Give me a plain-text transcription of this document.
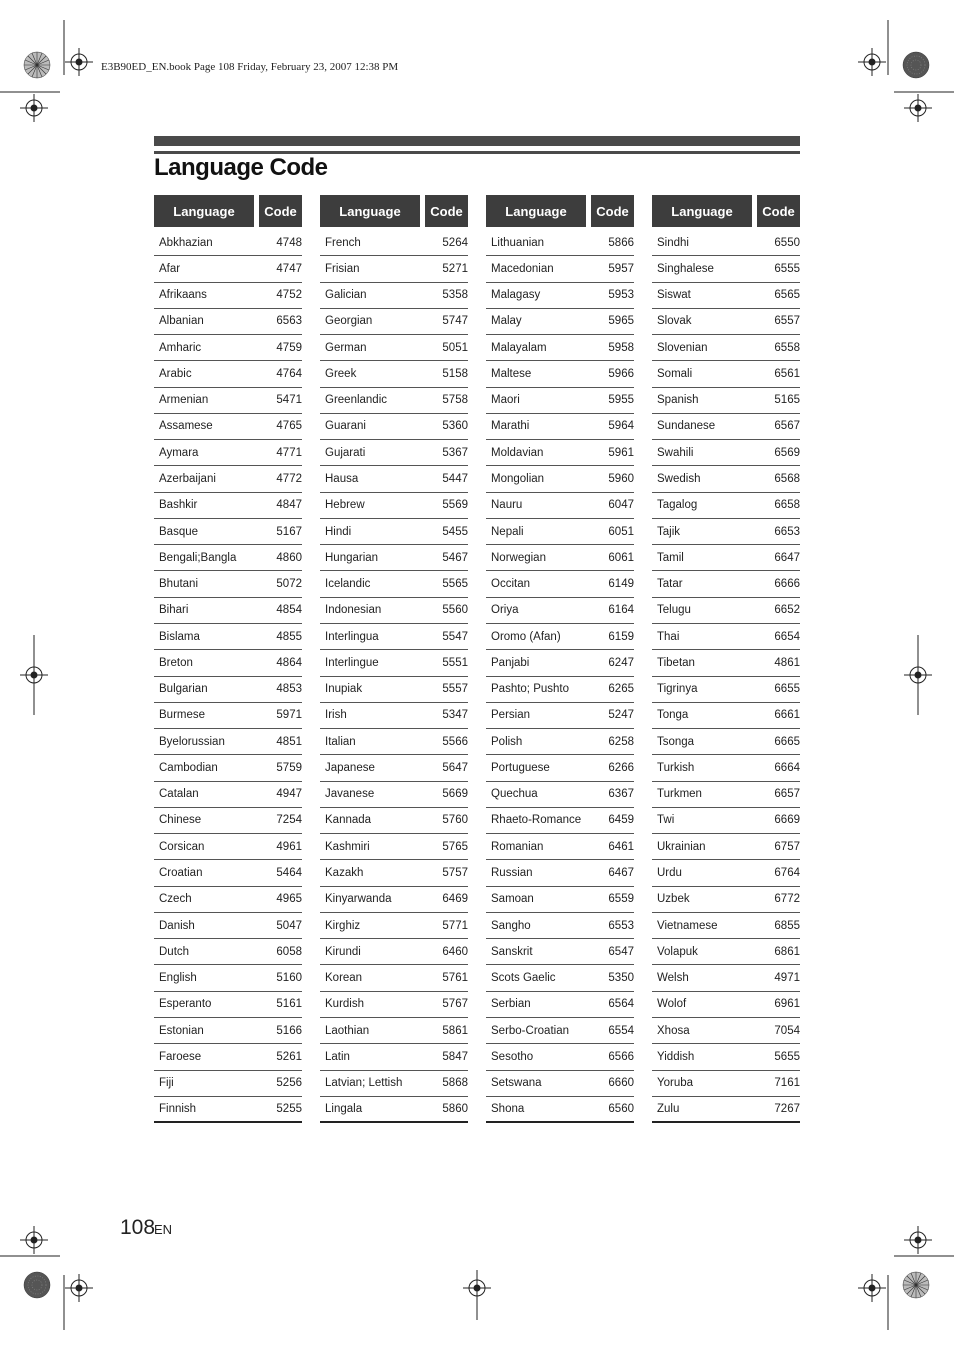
E3B90ED_EN.book Page 108 Friday, February 23, 2007 12:38 PM
Language Code
Language	Code
Abkhazian	4748
Afar	4747
Afrikaans	4752
Albanian	6563
Amharic	4759
Arabic	4764
Armenian	5471
Assamese	4765
Aymara	4771
Azerbaijani	4772
Bashkir	4847
Basque	5167
Bengali;Bangla	4860
Bhutani	5072
Bihari	4854
Bislama	4855
Breton	4864
Bulgarian	4853
Burmese	5971
Byelorussian	4851
Cambodian	5759
Catalan	4947
Chinese	7254
Corsican	4961
Croatian	5464
Czech	4965
Danish	5047
Dutch	6058
English	5160
Esperanto	5161
Estonian	5166
Faroese	5261
Fiji	5256
Finnish	5255
Language	Code
French	5264
Frisian	5271
Galician	5358
Georgian	5747
German	5051
Greek	5158
Greenlandic	5758
Guarani	5360
Gujarati	5367
Hausa	5447
Hebrew	5569
Hindi	5455
Hungarian	5467
Icelandic	5565
Indonesian	5560
Interlingua	5547
Interlingue	5551
Inupiak	5557
Irish	5347
Italian	5566
Japanese	5647
Javanese	5669
Kannada	5760
Kashmiri	5765
Kazakh	5757
Kinyarwanda	6469
Kirghiz	5771
Kirundi	6460
Korean	5761
Kurdish	5767
Laothian	5861
Latin	5847
Latvian; Lettish	5868
Lingala	5860
Language	Code
Lithuanian	5866
Macedonian	5957
Malagasy	5953
Malay	5965
Malayalam	5958
Maltese	5966
Maori	5955
Marathi	5964
Moldavian	5961
Mongolian	5960
Nauru	6047
Nepali	6051
Norwegian	6061
Occitan	6149
Oriya	6164
Oromo (Afan)	6159
Panjabi	6247
Pashto; Pushto	6265
Persian	5247
Polish	6258
Portuguese	6266
Quechua	6367
Rhaeto-Romance	6459
Romanian	6461
Russian	6467
Samoan	6559
Sangho	6553
Sanskrit	6547
Scots Gaelic	5350
Serbian	6564
Serbo-Croatian	6554
Sesotho	6566
Setswana	6660
Shona	6560
Language	Code
Sindhi	6550
Singhalese	6555
Siswat	6565
Slovak	6557
Slovenian	6558
Somali	6561
Spanish	5165
Sundanese	6567
Swahili	6569
Swedish	6568
Tagalog	6658
Tajik	6653
Tamil	6647
Tatar	6666
Telugu	6652
Thai	6654
Tibetan	4861
Tigrinya	6655
Tonga	6661
Tsonga	6665
Turkish	6664
Turkmen	6657
Twi	6669
Ukrainian	6757
Urdu	6764
Uzbek	6772
Vietnamese	6855
Volapuk	6861
Welsh	4971
Wolof	6961
Xhosa	7054
Yiddish	5655
Yoruba	7161
Zulu	7267
108
EN
